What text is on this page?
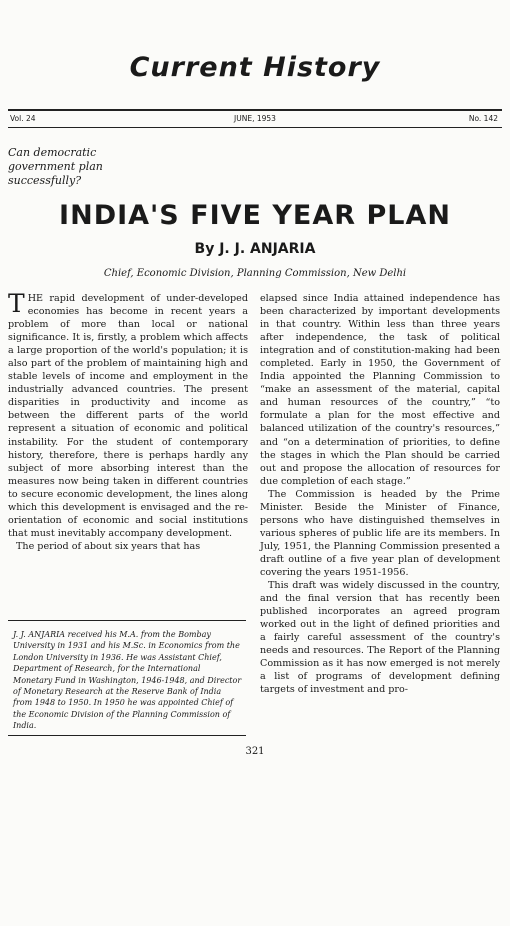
Current History
Vol. 24	JUNE, 1953	No. 142
Can democratic government plan successfully?
INDIA'S FIVE YEAR PLAN
By J. J. ANJARIA
Chief, Economic Division, Planning Commission, New Delhi

THE rapid development of under-developed economies has become in recent years a problem of more than local or national significance. It is, firstly, a problem which affects a large proportion of the world's population; it is also part of the problem of maintaining high and stable levels of income and employment in the industrially advanced countries. The present disparities in productivity and income as between the different parts of the world represent a situation of economic and political instability. For the student of contemporary history, therefore, there is perhaps hardly any subject of more absorbing interest than the measures now being taken in different countries to secure economic development, the lines along which this development is envisaged and the re-orientation of economic and social institutions that must inevitably accompany development.

The period of about six years that has

J. J. ANJARIA received his M.A. from the Bombay University in 1931 and his M.Sc. in Economics from the London University in 1936. He was Assistant Chief, Department of Research, for the International Monetary Fund in Washington, 1946-1948, and Director of Monetary Research at the Reserve Bank of India from 1948 to 1950. In 1950 he was appointed Chief of the Economic Division of the Planning Commission of India.

elapsed since India attained independence has been characterized by important developments in that country. Within less than three years after independence, the task of political integration and of constitution-making had been completed. Early in 1950, the Government of India appointed the Planning Commission to “make an assessment of the material, capital and human resources of the country,” “to formulate a plan for the most effective and balanced utilization of the country's resources,” and “on a determination of priorities, to define the stages in which the Plan should be carried out and propose the allocation of resources for due completion of each stage.”

The Commission is headed by the Prime Minister. Beside the Minister of Finance, persons who have distinguished themselves in various spheres of public life are its members. In July, 1951, the Planning Commission presented a draft outline of a five year plan of development covering the years 1951-1956.

This draft was widely discussed in the country, and the final version that has recently been published incorporates an agreed program worked out in the light of defined priorities and a fairly careful assessment of the country's needs and resources. The Report of the Planning Commission as it has now emerged is not merely a list of programs of development defining targets of investment and pro-

321
